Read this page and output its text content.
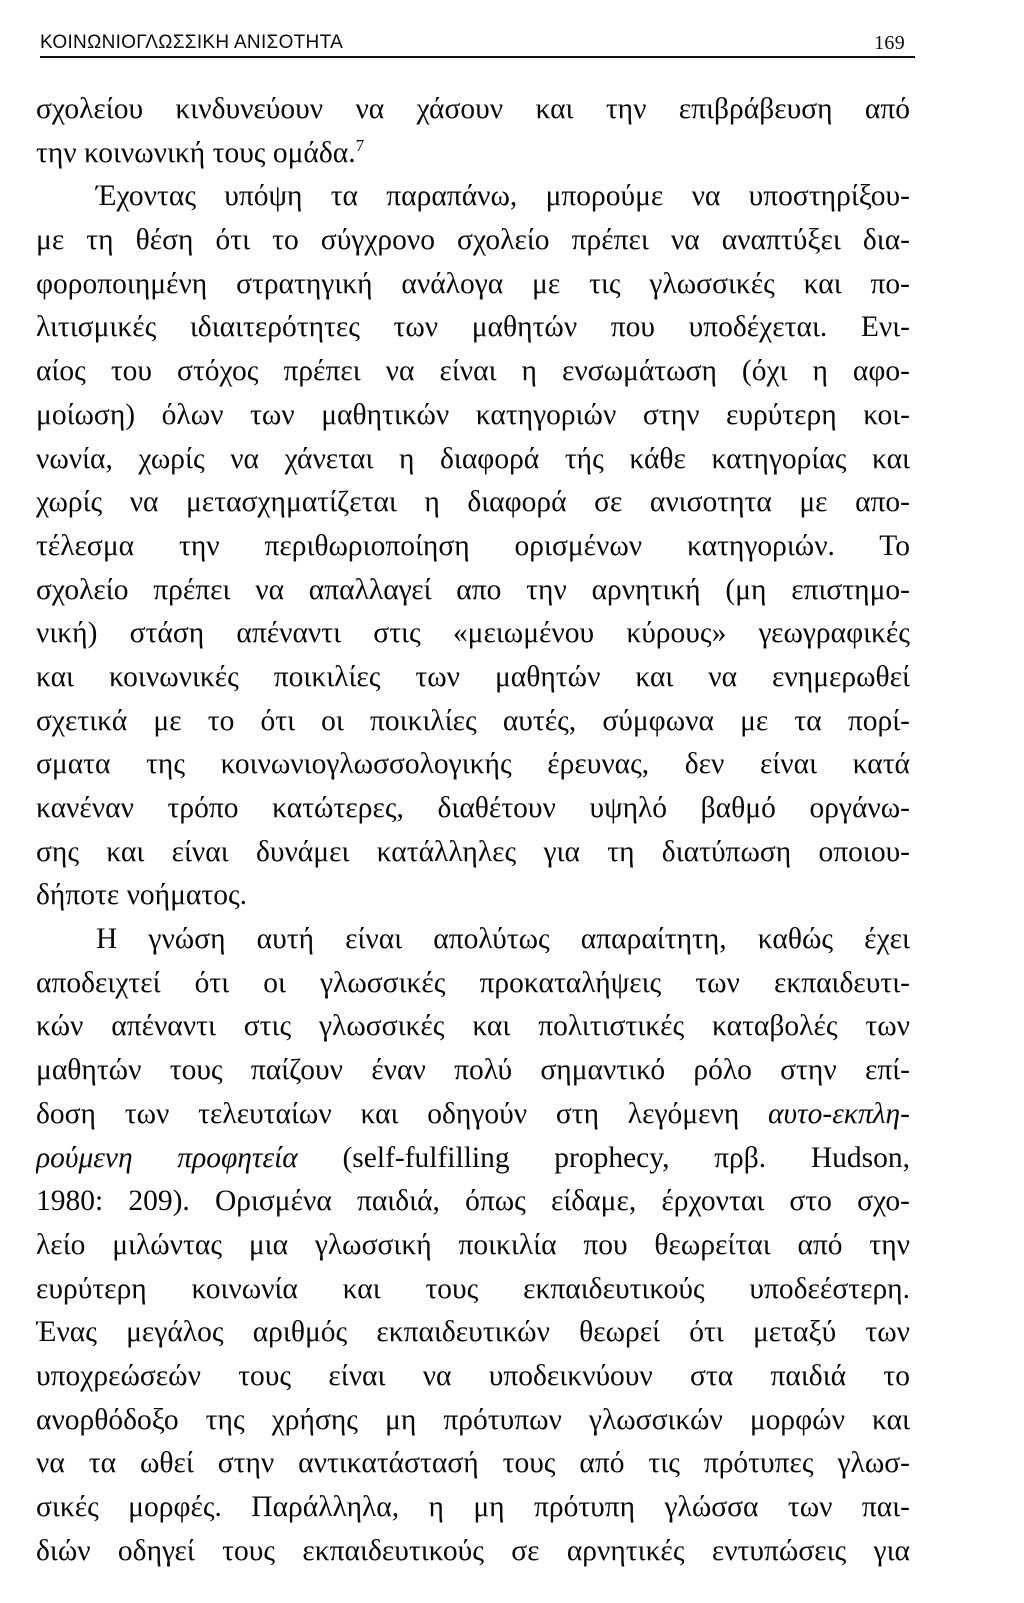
ΚΟΙΝΩΝΙΟΓΛΩΣΣΙΚΗ ΑΝΙΣΟΤΗΤΑ	169
σχολείου κινδυνεύουν να χάσουν και την επιβράβευση από
την κοινωνική τους ομάδα.$^7$
Έχοντας υπόψη τα παραπάνω, μπορούμε να υποστηρίξου-
με τη θέση ότι το σύγχρονο σχολείο πρέπει να αναπτύξει δια-
φοροποιημένη στρατηγική ανάλογα με τις γλωσσικές και πο-
λιτισμικές ιδιαιτερότητες των μαθητών που υποδέχεται. Ενι-
αίος του στόχος πρέπει να είναι η ενσωμάτωση (όχι η αφο-
μοίωση) όλων των μαθητικών κατηγοριών στην ευρύτερη κοι-
νωνία, χωρίς να χάνεται η διαφορά τής κάθε κατηγορίας και
χωρίς να μετασχηματίζεται η διαφορά σε ανισοτητα με απο-
τέλεσμα την περιθωριοποίηση ορισμένων κατηγοριών. Το
σχολείο πρέπει να απαλλαγεί απο την αρνητική (μη επιστημο-
νική) στάση απέναντι στις «μειωμένου κύρους» γεωγραφικές
και κοινωνικές ποικιλίες των μαθητών και να ενημερωθεί
σχετικά με το ότι οι ποικιλίες αυτές, σύμφωνα με τα πορί-
σματα της κοινωνιογλωσσολογικής έρευνας, δεν είναι κατά
κανέναν τρόπο κατώτερες, διαθέτουν υψηλό βαθμό οργάνω-
σης και είναι δυνάμει κατάλληλες για τη διατύπωση οποιου-
δήποτε νοήματος.
Η γνώση αυτή είναι απολύτως απαραίτητη, καθώς έχει
αποδειχτεί ότι οι γλωσσικές προκαταλήψεις των εκπαιδευτι-
κών απέναντι στις γλωσσικές και πολιτιστικές καταβολές των
μαθητών τους παίζουν έναν πολύ σημαντικό ρόλο στην επί-
δοση των τελευταίων και οδηγούν στη λεγόμενη αυτο-εκπλη-
ρούμενη προφητεία (self-fulfilling prophecy, πρβ. Hudson,
1980: 209). Ορισμένα παιδιά, όπως είδαμε, έρχονται στο σχο-
λείο μιλώντας μια γλωσσική ποικιλία που θεωρείται από την
ευρύτερη κοινωνία και τους εκπαιδευτικούς υποδεέστερη.
Ένας μεγάλος αριθμός εκπαιδευτικών θεωρεί ότι μεταξύ των
υποχρεώσεών τους είναι να υποδεικνύουν στα παιδιά το
ανορθόδοξο της χρήσης μη πρότυπων γλωσσικών μορφών και
να τα ωθεί στην αντικατάστασή τους από τις πρότυπες γλωσ-
σικές μορφές. Παράλληλα, η μη πρότυπη γλώσσα των παι-
διών οδηγεί τους εκπαιδευτικούς σε αρνητικές εντυπώσεις για
